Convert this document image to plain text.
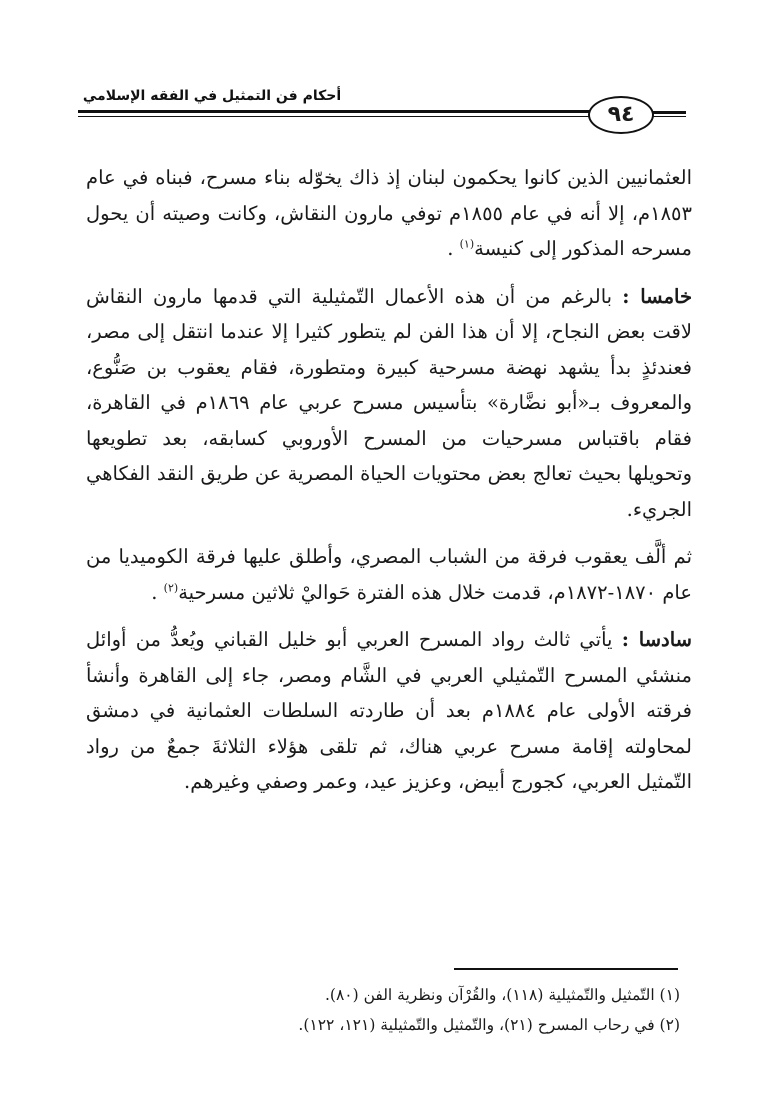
أحكام فن التمثيل في الفقه الإسلامي
٩٤

العثمانيين الذين كانوا يحكمون لبنان إذ ذاك يخوّله بناء مسرح، فبناه في عام ١٨٥٣م، إلا أنه في عام ١٨٥٥م توفي مارون النقاش، وكانت وصيته أن يحول مسرحه المذكور إلى كنيسة$^{(١)}$ .

خامسا : بالرغم من أن هذه الأعمال التّمثيلية التي قدمها مارون النقاش لاقت بعض النجاح، إلا أن هذا الفن لم يتطور كثيرا إلا عندما انتقل إلى مصر، فعندئذٍ بدأ يشهد نهضة مسرحية كبيرة ومتطورة، فقام يعقوب بن صَنُّوع، والمعروف بـ«أبو نضَّارة» بتأسيس مسرح عربي عام ١٨٦٩م في القاهرة، فقام باقتباس مسرحيات من المسرح الأوروبي كسابقه، بعد تطويعها وتحويلها بحيث تعالج بعض محتويات الحياة المصرية عن طريق النقد الفكاهي الجريء.

ثم ألَّف يعقوب فرقة من الشباب المصري، وأطلق عليها فرقة الكوميديا من عام ١٨٧٠-١٨٧٢م، قدمت خلال هذه الفترة حَواليْ ثلاثين مسرحية$^{(٢)}$ .

سادسا : يأتي ثالث رواد المسرح العربي أبو خليل القباني ويُعدُّ من أوائل منشئي المسرح التّمثيلي العربي في الشَّام ومصر، جاء إلى القاهرة وأنشأ فرقته الأولى عام ١٨٨٤م بعد أن طاردته السلطات العثمانية في دمشق لمحاولته إقامة مسرح عربي هناك، ثم تلقى هؤلاء الثلاثةَ جمعٌ من رواد التّمثيل العربي، كجورج أبيض، وعزيز عيد، وعمر وصفي وغيرهم.

(١) التّمثيل والتّمثيلية (١١٨)، والقُرْآن ونظرية الفن (٨٠).

(٢) في رحاب المسرح (٢١)، والتّمثيل والتّمثيلية (١٢١، ١٢٢).
